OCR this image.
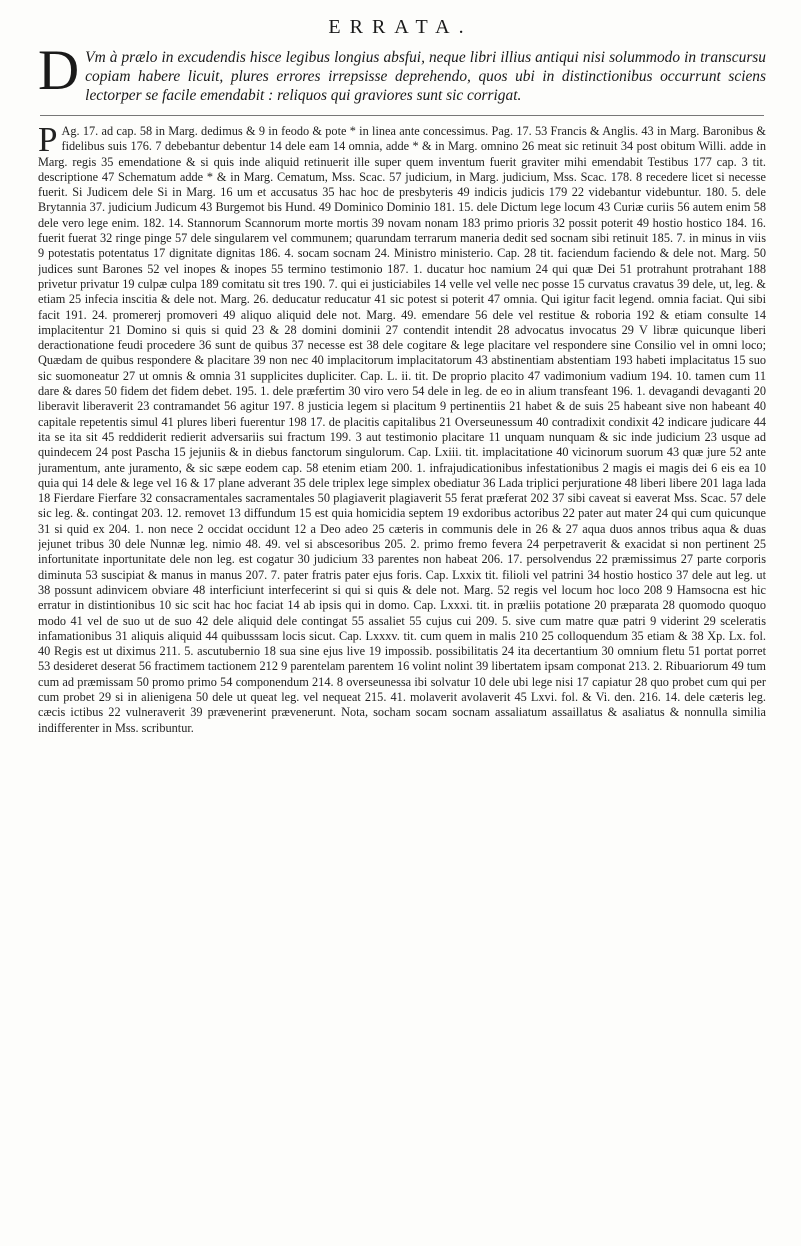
ERRATA.
D Vm à prælo in excudendis hisce legibus longius absfui, neque libri illius antiqui nisi solummodo in transcursu copiam habere licuit, plures errores irrepsisse deprehendo, quos ubi in distinctionibus occurrunt sciens lectorper se facile emendabit : reliquos qui graviores sunt sic corrigat.
P Ag. 17. ad cap. 58 in Marg. dedimus & 9 in feodo & pote * in linea ante concessimus. Pag. 17. 53 Francis & Anglis. 43 in Marg. Baronibus & fidelibus suis 176. 7 debebantur debentur 14 dele eam 14 omnia, adde * & in Marg. omnino 26 meat sic retinuit 34 post obitum Willi. adde in Marg. regis 35 emendatione & si quis inde aliquid retinuerit ille super quem inventum fuerit graviter mihi emendabit Testibus 177 cap. 3 tit. descriptione 47 Schematum adde * & in Marg. Cematum, Mss. Scac. 57 judicium, in Marg. judicium, Mss. Scac. 178. 8 recedere licet si necesse fuerit. Si Judicem dele Si in Marg. 16 um et accusatus 35 hac hoc de presbyteris 49 indicis judicis 179 22 videbantur videbuntur. 180. 5. dele Brytannia 37. judicium Judicum 43 Burgemot bis Hund. 49 Dominico Dominio 181. 15. dele Dictum lege locum 43 Curiæ curiis 56 autem enim 58 dele vero lege enim. 182. 14. Stannorum Scannorum morte mortis 39 novam nonam 183 primo prioris 32 possit poterit 49 hostio hostico 184. 16. fuerit fuerat 32 ringe pinge 57 dele singularem vel communem; quarundam terrarum maneria dedit sed socnam sibi retinuit 185. 7. in minus in viis 9 potestatis potentatus 17 dignitate dignitas 186. 4. socam socnam 24. Ministro ministerio. Cap. 28 tit. faciendum faciendo & dele not. Marg. 50 judices sunt Barones 52 vel inopes & inopes 55 termino testimonio 187. 1. ducatur hoc namium 24 qui quæ Dei 51 protrahunt protrahant 188 privetur privatur 19 culpæ culpa 189 comitatu sit tres 190. 7. qui ei justiciabiles 14 velle vel velle nec posse 15 curvatus cravatus 39 dele, ut, leg. & etiam 25 infecia inscitia & dele not. Marg. 26. deducatur reducatur 41 sic potest si poterit 47 omnia. Qui igitur facit legend. omnia faciat. Qui sibi facit 191. 24. promererj promoveri 49 aliquo aliquid dele not. Marg. 49. emendare 56 dele vel restitue & roboria 192 & etiam consulte 14 implacitentur 21 Domino si quis si quid 23 & 28 domini dominii 27 contendit intendit 28 advocatus invocatus 29 V libræ quicunque liberi deractionatione feudi procedere 36 sunt de quibus 37 necesse est 38 dele cogitare & lege placitare vel respondere sine Consilio vel in omni loco; Quædam de quibus respondere & placitare 39 non nec 40 implacitorum implacitatorum 43 abstinentiam abstentiam 193 habeti implacitatus 15 suo sic suomoneatur 27 ut omnis & omnia 31 supplicites dupliciter. Cap. L. ii. tit. De proprio placito 47 vadimonium vadium 194. 10. tamen cum 11 dare & dares 50 fidem det fidem debet. 195. 1. dele præfertim 30 viro vero 54 dele in leg. de eo in alium transfeant 196. 1. devagandi devaganti 20 liberavit liberaverit 23 contramandet 56 agitur 197. 8 justicia legem si placitum 9 pertinentiis 21 habet & de suis 25 habeant sive non habeant 40 capitale repetentis simul 41 plures liberi fuerentur 198 17. de placitis capitalibus 21 Overseunessum 40 contradixit condixit 42 indicare judicare 44 ita se ita sit 45 reddiderit redierit adversariis sui fractum 199. 3 aut testimonio placitare 11 unquam nunquam & sic inde judicium 23 usque ad quindecem 24 post Pascha 15 jejuniis & in diebus fanctorum singulorum. Cap. Lxiii. tit. implacitatione 40 vicinorum suorum 43 quæ jure 52 ante juramentum, ante juramento, & sic sæpe eodem cap. 58 etenim etiam 200. 1. infrajudicationibus infestationibus 2 magis ei magis dei 6 eis ea 10 quia qui 14 dele & lege vel 16 & 17 plane adverant 35 dele triplex lege simplex obediatur 36 Lada triplici perjuratione 48 liberi libere 201 laga lada 18 Fierdare Fierfare 32 consacramentales sacramentales 50 plagiaverit plagiaverit 55 ferat præferat 202 37 sibi caveat si eaverat Mss. Scac. 57 dele sic leg. &. contingat 203. 12. removet 13 diffundum 15 est quia homicidia septem 19 exdoribus actoribus 22 pater aut mater 24 qui cum quicunque 31 si quid ex 204. 1. non nece 2 occidat occidunt 12 a Deo adeo 25 cæteris in communis dele in 26 & 27 aqua duos annos tribus aqua & duas jejunet tribus 30 dele Nunnæ leg. nimio 48. 49. vel si abscesoribus 205. 2. primo fremo fevera 24 perpetraverit & exacidat si non pertinent 25 infortunitate inportunitate dele non leg. est cogatur 30 judicium 33 parentes non habeat 206. 17. persolvendus 22 præmissimus 27 parte corporis diminuta 53 suscipiat & manus in manus 207. 7. pater fratris pater ejus foris. Cap. Lxxix tit. filioli vel patrini 34 hostio hostico 37 dele aut leg. ut 38 possunt adinvicem obviare 48 interficiunt interfecerint si qui si quis & dele not. Marg. 52 regis vel locum hoc loco 208 9 Hamsocna est hic erratur in distintionibus 10 sic scit hac hoc faciat 14 ab ipsis qui in domo. Cap. Lxxxi. tit. in præliis potatione 20 præparata 28 quomodo quoquo modo 41 vel de suo ut de suo 42 dele aliquid dele contingat 55 assaliet 55 cujus cui 209. 5. sive cum matre quæ patri 9 viderint 29 sceleratis infamationibus 31 aliquis aliquid 44 quibusssam locis sicut. Cap. Lxxxv. tit. cum quem in malis 210 25 colloquendum 35 etiam & 38 Xp. Lx. fol. 40 Regis est ut diximus 211. 5. ascutubernio 18 sua sine ejus live 19 impossib. possibilitatis 24 ita decertantium 30 omnium fletu 51 portat porret 53 desideret deserat 56 fractimem tactionem 212 9 parentelam parentem 16 volint nolint 39 libertatem ipsam componat 213. 2. Ribuariorum 49 tum cum ad præmissam 50 promo primo 54 componendum 214. 8 overseunessa ibi solvatur 10 dele ubi lege nisi 17 capiatur 28 quo probet cum qui per cum probet 29 si in alienigena 50 dele ut queat leg. vel nequeat 215. 41. molaverit avolaverit 45 Lxvi. fol. & Vi. den. 216. 14. dele cæteris leg. cæcis ictibus 22 vulneraverit 39 prævenerint prævenerunt. Nota, socham socam socnam assaliatum assaillatus & asaliatus & nonnulla similia indifferenter in Mss. scribuntur.
